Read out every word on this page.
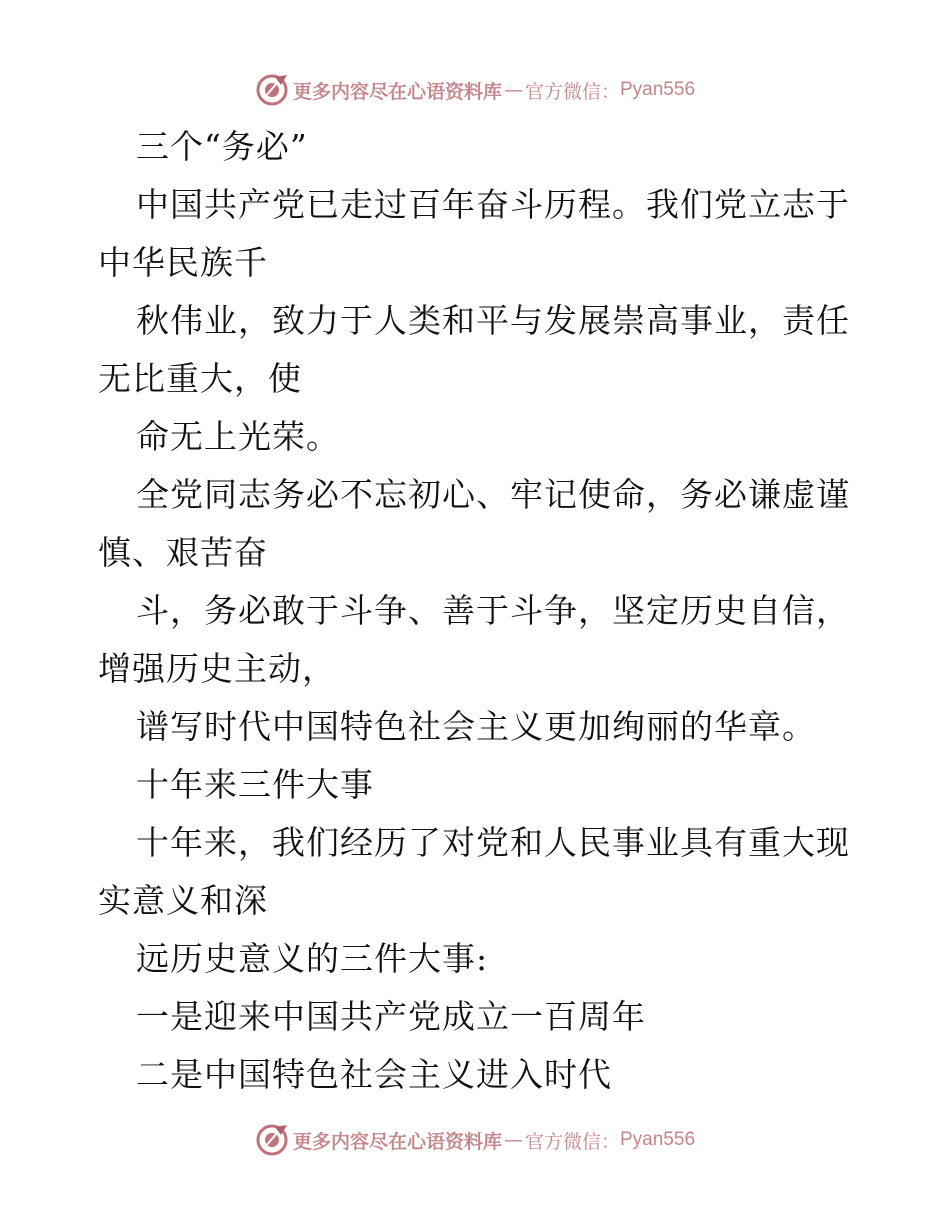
更多内容尽在心语资料库 — 官方微信： Pyan556
三个“务必”
中国共产党已走过百年奋斗历程。我们党立志于
中华民族千
秋伟业，致力于人类和平与发展崇高事业，责任
无比重大，使
命无上光荣。
全党同志务必不忘初心、牢记使命，务必谦虚谨
慎、艰苦奋
斗，务必敢于斗争、善于斗争，坚定历史自信，
增强历史主动，
谱写时代中国特色社会主义更加绚丽的华章。
十年来三件大事
十年来，我们经历了对党和人民事业具有重大现
实意义和深
远历史意义的三件大事:
一是迎来中国共产党成立一百周年
二是中国特色社会主义进入时代
更多内容尽在心语资料库 — 官方微信： Pyan556
